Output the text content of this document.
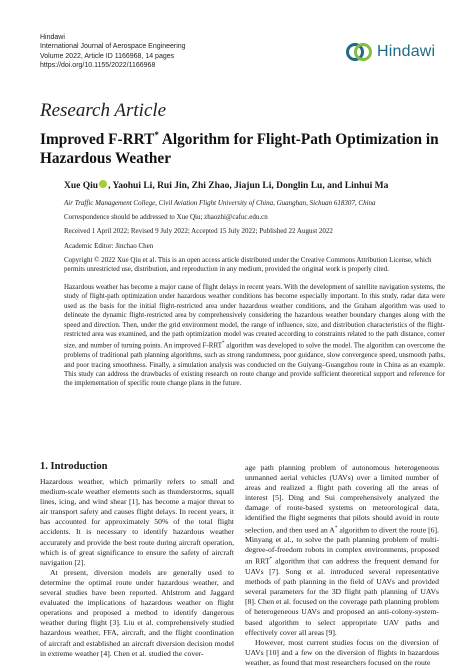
Hindawi
International Journal of Aerospace Engineering
Volume 2022, Article ID 1166968, 14 pages
https://doi.org/10.1155/2022/1166968
Hindawi
Research Article
Improved F-RRT* Algorithm for Flight-Path Optimization in Hazardous Weather
Xue Qiu , Yaohui Li, Rui Jin, Zhi Zhao, Jiajun Li, Donglin Lu, and Linhui Ma
Air Traffic Management College, Civil Aviation Flight University of China, Guanghan, Sichuan 618307, China
Correspondence should be addressed to Xue Qiu; zhaozhi@cafuc.edu.cn
Received 1 April 2022; Revised 9 July 2022; Accepted 15 July 2022; Published 22 August 2022
Academic Editor: Jinchao Chen
Copyright © 2022 Xue Qiu et al. This is an open access article distributed under the Creative Commons Attribution License, which permits unrestricted use, distribution, and reproduction in any medium, provided the original work is properly cited.
Hazardous weather has become a major cause of flight delays in recent years. With the development of satellite navigation systems, the study of flight-path optimization under hazardous weather conditions has become especially important. In this study, radar data were used as the basis for the initial flight-restricted area under hazardous weather conditions, and the Graham algorithm was used to delineate the dynamic flight-restricted area by comprehensively considering the hazardous weather boundary changes along with the speed and direction. Then, under the grid environment model, the range of influence, size, and distribution characteristics of the flight-restricted area was examined, and the path optimization model was created according to constraints related to the path distance, corner size, and number of turning points. An improved F-RRT* algorithm was developed to solve the model. The algorithm can overcome the problems of traditional path planning algorithms, such as strong randomness, poor guidance, slow convergence speed, unsmooth paths, and poor tracing smoothness. Finally, a simulation analysis was conducted on the Guiyang–Guangzhou route in China as an example. This study can address the drawbacks of existing research on route change and provide sufficient theoretical support and reference for the implementation of specific route change plans in the future.
1. Introduction

Hazardous weather, which primarily refers to small and medium-scale weather elements such as thunderstorms, squall lines, icing, and wind shear [1], has become a major threat to air transport safety and causes flight delays. In recent years, it has accounted for approximately 50% of the total flight accidents. It is necessary to identify hazardous weather accurately and provide the best route during aircraft operation, which is of great significance to ensure the safety of aircraft navigation [2].

At present, diversion models are generally used to determine the optimal route under hazardous weather, and several studies have been reported. Ahlstrom and Jaggard evaluated the implications of hazardous weather on flight operations and proposed a method to identify dangerous weather during flight [3]. Liu et al. comprehensively studied hazardous weather, FFA, aircraft, and the flight coordination of aircraft and established an aircraft diversion decision model in extreme weather [4]. Chen et al. studied the cover-

age path planning problem of autonomous heterogeneous unmanned aerial vehicles (UAVs) over a limited number of areas and realized a flight path covering all the areas of interest [5]. Ding and Sui comprehensively analyzed the damage of route-based systems on meteorological data, identified the flight segments that pilots should avoid in route selection, and then used an A* algorithm to divert the route [6]. Minyang et al., to solve the path planning problem of multi-degree-of-freedom robots in complex environments, proposed an RRT* algorithm that can address the frequent demand for UAVs [7]. Song et al. introduced several representative methods of path planning in the field of UAVs and provided several parameters for the 3D flight path planning of UAVs [8]. Chen et al. focused on the coverage path planning problem of heterogeneous UAVs and proposed an anti-colony-system-based algorithm to select appropriate UAV paths and effectively cover all areas [9].

However, most current studies focus on the diversion of UAVs [10] and a few on the diversion of flights in hazardous weather, as found that most researchers focused on the route
